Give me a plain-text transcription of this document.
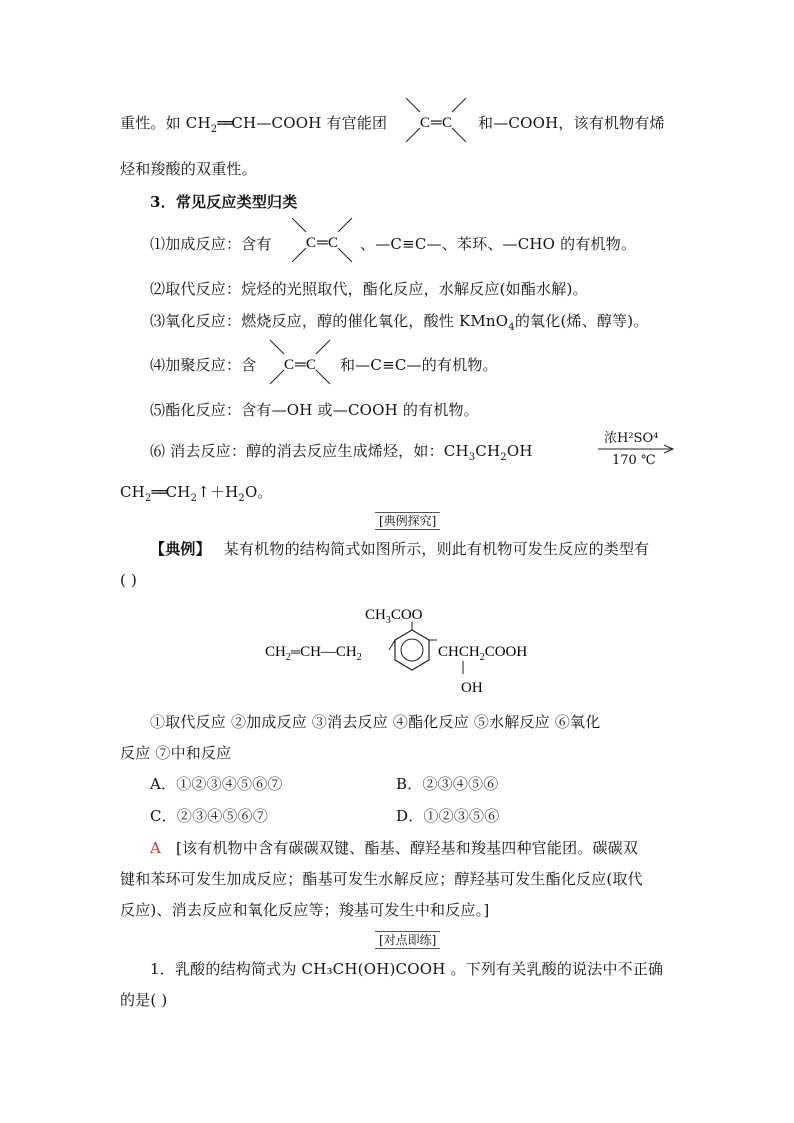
重性。如 $CH_2══CH—COOH$ 有官能团 C ═ C 和—COOH，该有机物有烯
烃和羧酸的双重性。
3．常见反应类型归类
⑴加成反应：含有 C ═ C 、—C≡C—、苯环、—CHO 的有机物。
⑵取代反应：烷烃的光照取代，酯化反应，水解反应(如酯水解)。
⑶氧化反应：燃烧反应，醇的催化氧化，酸性 KMnO$_4$的氧化(烯、醇等)。
⑷加聚反应：含 C ═ C 和—C≡C—的有机物。
⑸酯化反应：含有—OH 或—COOH 的有机物。
⑹ 消去反应：醇的消去反应生成烯烃，如：$CH_3CH_2OH$
浓H²SO⁴
170 ℃
$CH_2══CH_2↑+H_2O$。
[典例探究]
【典例】 某有机物的结构简式如图所示，则此有机物可发生反应的类型有
( )
$CH_3COO$
$CH_2═CH—CH_2$	$CHCH_2COOH$
OH
①取代反应 ②加成反应 ③消去反应 ④酯化反应 ⑤水解反应 ⑥氧化
反应 ⑦中和反应
A．①②③④⑤⑥⑦	B．②③④⑤⑥
C．②③④⑤⑥⑦	D．①②③⑤⑥
A [该有机物中含有碳碳双键、酯基、醇羟基和羧基四种官能团。碳碳双
键和苯环可发生加成反应；酯基可发生水解反应；醇羟基可发生酯化反应(取代
反应)、消去反应和氧化反应等；羧基可发生中和反应。]
[对点即练]
1．乳酸的结构简式为 CH₃CH(OH)COOH 。下列有关乳酸的说法中不正确
的是( )
